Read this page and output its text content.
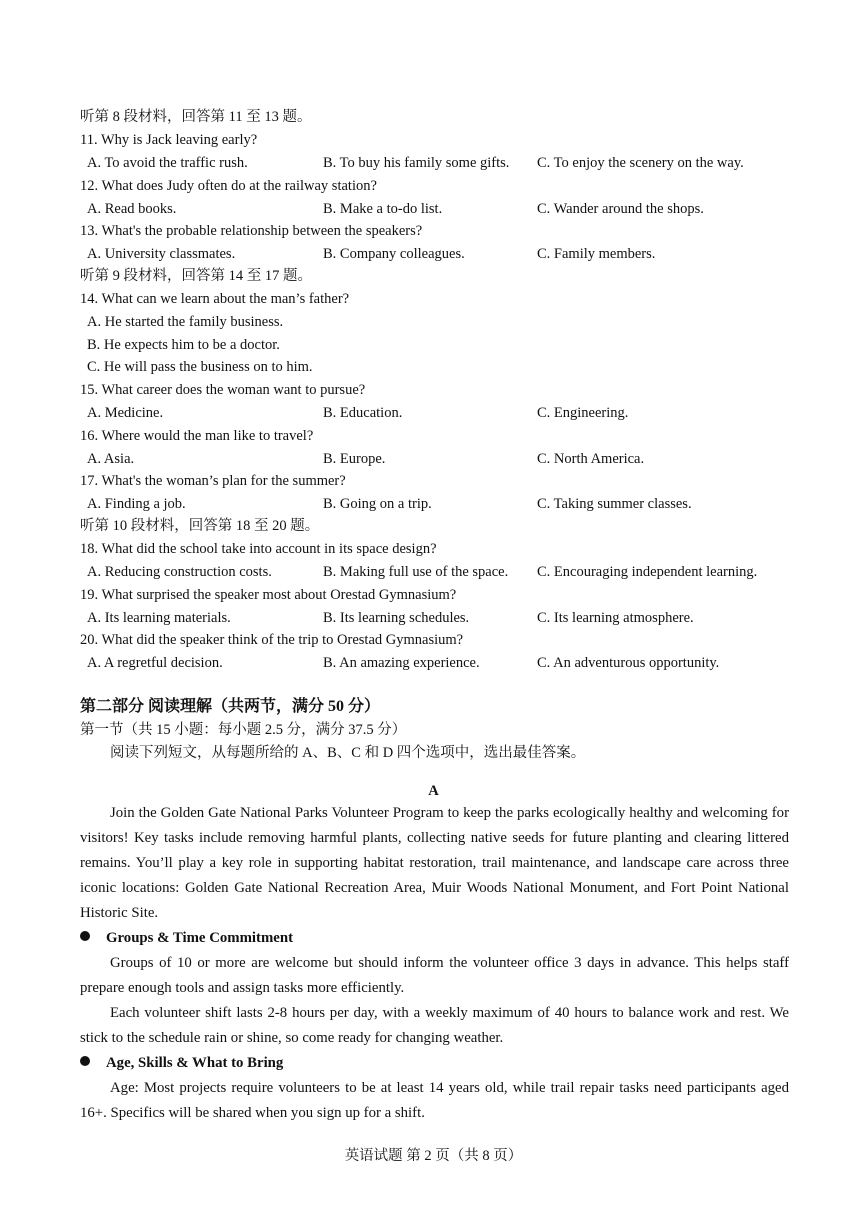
听第 8 段材料，回答第 11 至 13 题。
11. Why is Jack leaving early?
A. To avoid the traffic rush.	B. To buy his family some gifts. C. To enjoy the scenery on the way.
12. What does Judy often do at the railway station?
A. Read books.	B. Make a to-do list.	C. Wander around the shops.
13. What's the probable relationship between the speakers?
A. University classmates.	B. Company colleagues.	C. Family members.
听第 9 段材料，回答第 14 至 17 题。
14. What can we learn about the man’s father?
A. He started the family business.
B. He expects him to be a doctor.
C. He will pass the business on to him.
15. What career does the woman want to pursue?
A. Medicine.	B. Education.	C. Engineering.
16. Where would the man like to travel?
A. Asia.	B. Europe.	C. North America.
17. What's the woman’s plan for the summer?
A. Finding a job.	B. Going on a trip.	C. Taking summer classes.
听第 10 段材料，回答第 18 至 20 题。
18. What did the school take into account in its space design?
A. Reducing construction costs.	B. Making full use of the space. C. Encouraging independent learning.
19. What surprised the speaker most about Orestad Gymnasium?
A. Its learning materials.	B. Its learning schedules.	C. Its learning atmosphere.
20. What did the speaker think of the trip to Orestad Gymnasium?
A. A regretful decision.	B. An amazing experience.	C. An adventurous opportunity.
第二部分 阅读理解（共两节，满分 50 分）
第一节（共 15 小题：每小题 2.5 分，满分 37.5 分）
阅读下列短文，从每题所给的 A、B、C 和 D 四个选项中，选出最佳答案。
A
Join the Golden Gate National Parks Volunteer Program to keep the parks ecologically healthy and welcoming for visitors! Key tasks include removing harmful plants, collecting native seeds for future planting and clearing littered remains. You’ll play a key role in supporting habitat restoration, trail maintenance, and landscape care across three iconic locations: Golden Gate National Recreation Area, Muir Woods National Monument, and Fort Point National Historic Site.
Groups & Time Commitment
Groups of 10 or more are welcome but should inform the volunteer office 3 days in advance. This helps staff prepare enough tools and assign tasks more efficiently.
Each volunteer shift lasts 2-8 hours per day, with a weekly maximum of 40 hours to balance work and rest. We stick to the schedule rain or shine, so come ready for changing weather.
Age, Skills & What to Bring
Age: Most projects require volunteers to be at least 14 years old, while trail repair tasks need participants aged 16+. Specifics will be shared when you sign up for a shift.
英语试题 第 2 页（共 8 页）
